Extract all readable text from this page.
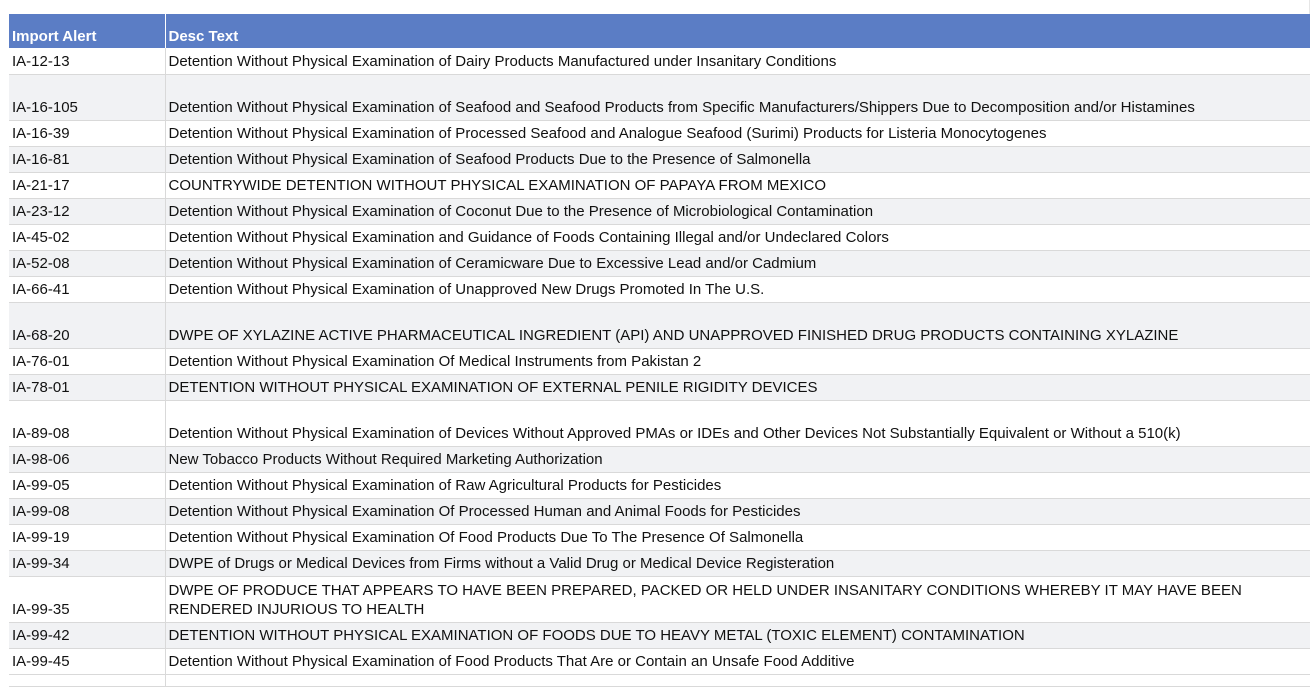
Import Alert	Desc Text
IA-12-13	Detention Without Physical Examination of Dairy Products Manufactured under Insanitary Conditions
IA-16-105	Detention Without Physical Examination of Seafood and Seafood Products from Specific Manufacturers/Shippers Due to Decomposition and/or Histamines
IA-16-39	Detention Without Physical Examination of Processed Seafood and Analogue Seafood (Surimi) Products for Listeria Monocytogenes
IA-16-81	Detention Without Physical Examination of Seafood Products Due to the Presence of Salmonella
IA-21-17	COUNTRYWIDE DETENTION WITHOUT PHYSICAL EXAMINATION OF PAPAYA FROM MEXICO
IA-23-12	Detention Without Physical Examination of Coconut Due to the Presence of Microbiological Contamination
IA-45-02	Detention Without Physical Examination and Guidance of Foods Containing Illegal and/or Undeclared Colors
IA-52-08	Detention Without Physical Examination of Ceramicware Due to Excessive Lead and/or Cadmium
IA-66-41	Detention Without Physical Examination of Unapproved New Drugs Promoted In The U.S.
IA-68-20	DWPE OF XYLAZINE ACTIVE PHARMACEUTICAL INGREDIENT (API) AND UNAPPROVED FINISHED DRUG PRODUCTS CONTAINING XYLAZINE
IA-76-01	Detention Without Physical Examination Of Medical Instruments from Pakistan 2
IA-78-01	DETENTION WITHOUT PHYSICAL EXAMINATION OF EXTERNAL PENILE RIGIDITY DEVICES
IA-89-08	Detention Without Physical Examination of Devices Without Approved PMAs or IDEs and Other Devices Not Substantially Equivalent or Without a 510(k)
IA-98-06	New Tobacco Products Without Required Marketing Authorization
IA-99-05	Detention Without Physical Examination of Raw Agricultural Products for Pesticides
IA-99-08	Detention Without Physical Examination Of Processed Human and Animal Foods for Pesticides
IA-99-19	Detention Without Physical Examination Of Food Products Due To The Presence Of Salmonella
IA-99-34	DWPE of Drugs or Medical Devices from Firms without a Valid Drug or Medical Device Registeration
IA-99-35	DWPE OF PRODUCE THAT APPEARS TO HAVE BEEN PREPARED, PACKED OR HELD UNDER INSANITARY CONDITIONS WHEREBY IT MAY HAVE BEEN RENDERED INJURIOUS TO HEALTH
IA-99-42	DETENTION WITHOUT PHYSICAL EXAMINATION OF FOODS DUE TO HEAVY METAL (TOXIC ELEMENT) CONTAMINATION
IA-99-45	Detention Without Physical Examination of Food Products That Are or Contain an Unsafe Food Additive
